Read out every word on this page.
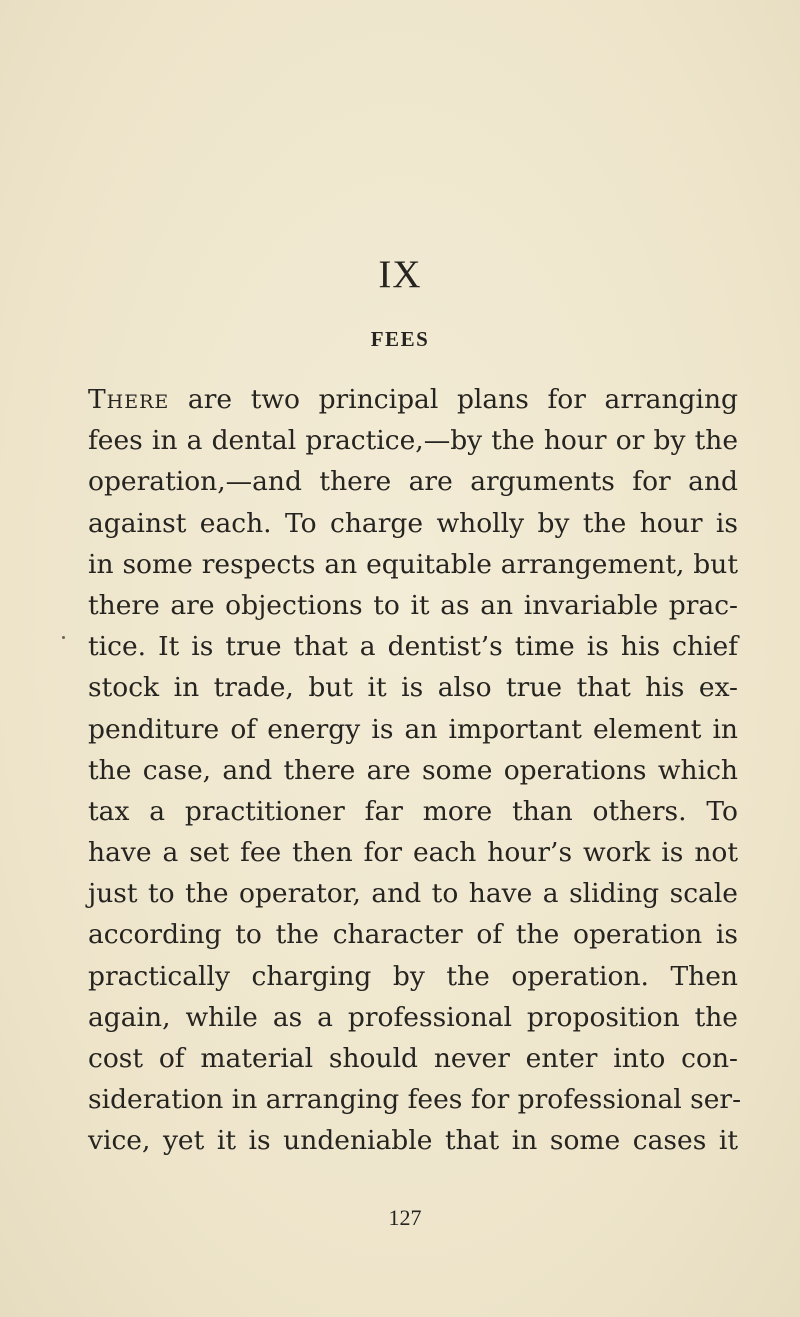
IX
FEES
There are two principal plans for arranging
fees in a dental practice,—by the hour or by the
operation,—and there are arguments for and
against each. To charge wholly by the hour is
in some respects an equitable arrangement, but
there are objections to it as an invariable prac-
tice. It is true that a dentist’s time is his chief
stock in trade, but it is also true that his ex-
penditure of energy is an important element in
the case, and there are some operations which
tax a practitioner far more than others. To
have a set fee then for each hour’s work is not
just to the operator, and to have a sliding scale
according to the character of the operation is
practically charging by the operation. Then
again, while as a professional proposition the
cost of material should never enter into con-
sideration in arranging fees for professional ser-
vice, yet it is undeniable that in some cases it
127
